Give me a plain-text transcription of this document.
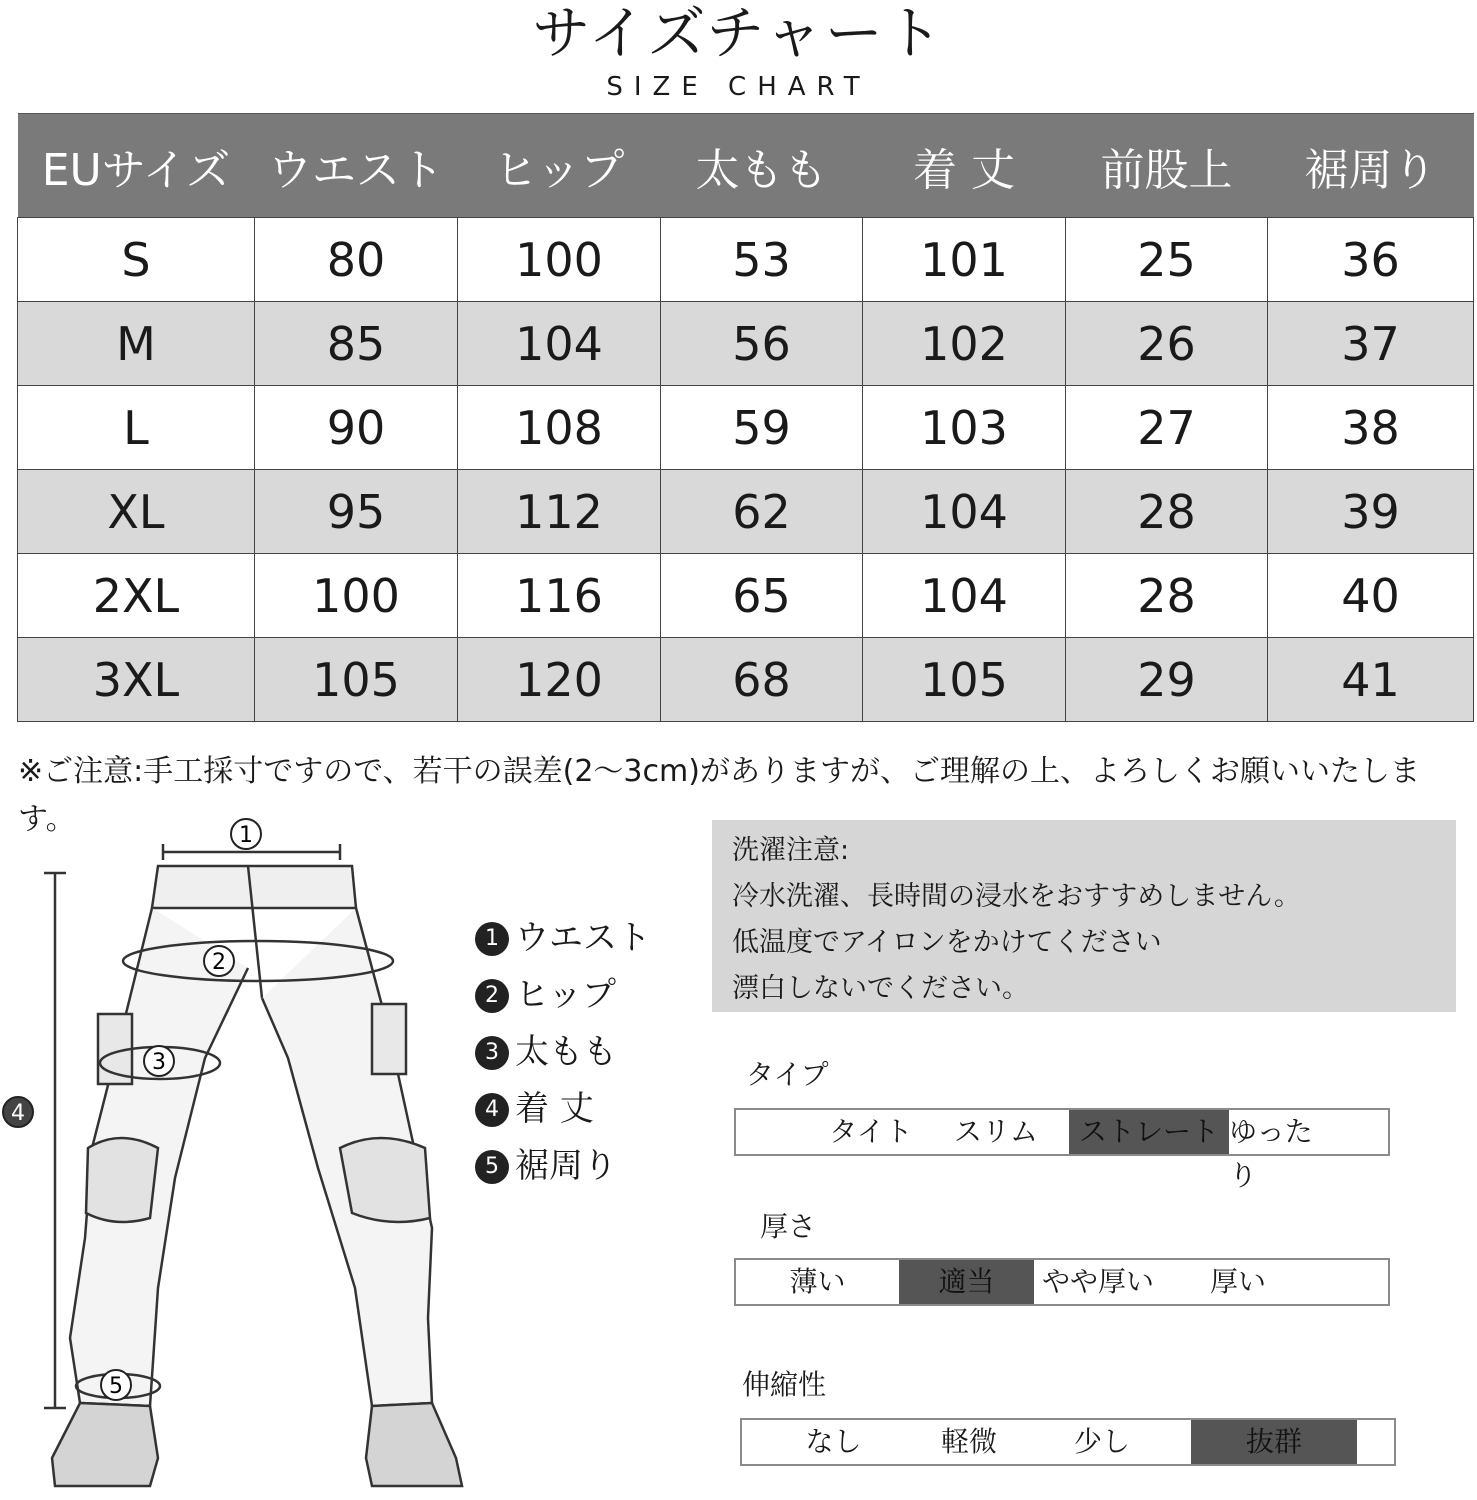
サイズチャート
SIZE CHART
EUサイズ	ウエスト	ヒップ	太もも	着 丈	前股上	裾周り
S	80	100	53	101	25	36
M	85	104	56	102	26	37
L	90	108	59	103	27	38
XL	95	112	62	104	28	39
2XL	100	116	65	104	28	40
3XL	105	120	68	105	29	41
※ご注意:手工採寸ですので、若干の誤差(2〜3cm)がありますが、ご理解の上、よろしくお願いいたします。	1
2
3
4
5
1 ウエスト
2 ヒップ
3 太もも
4 着 丈
5 裾周り
洗濯注意:
冷水洗濯、長時間の浸水をおすすめしません。
低温度でアイロンをかけてください
漂白しないでください。
タイプ
タイト	スリム	ストレート ゆったり
厚さ
薄い	適当	やや厚い	厚い
伸縮性
なし	軽微	少し	抜群
